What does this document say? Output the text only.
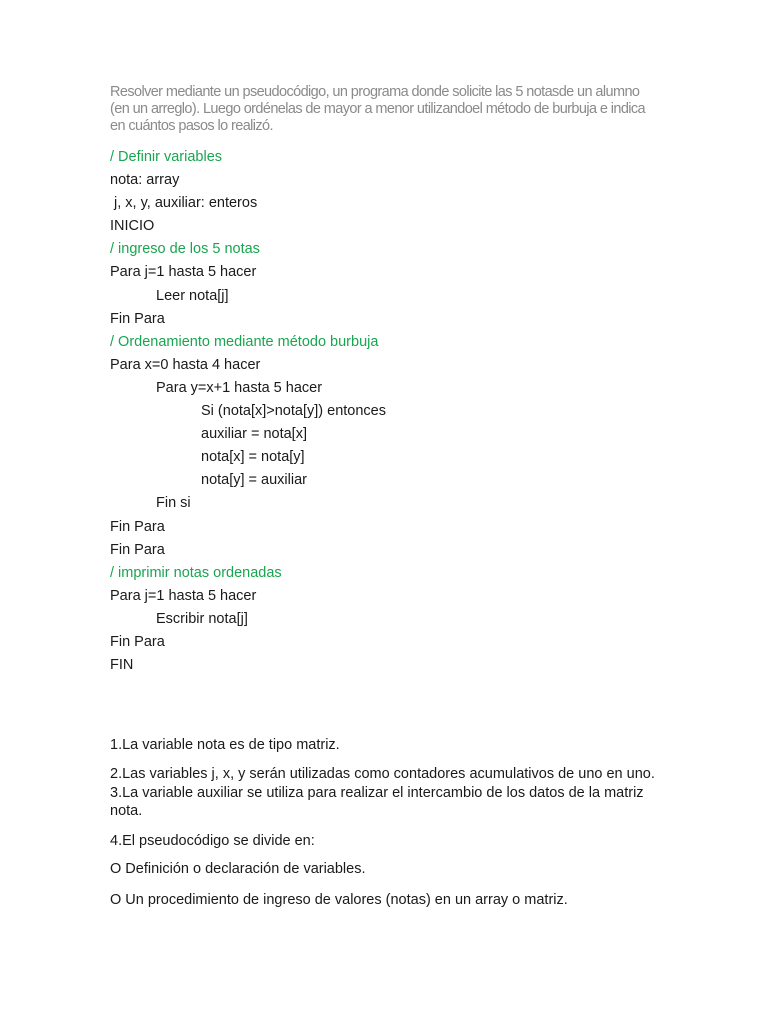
Resolver mediante un pseudocódigo, un programa donde solicite las 5 notasde un alumno (en un arreglo). Luego ordénelas de mayor a menor utilizandoel método de burbuja e indica en cuántos pasos lo realizó.
/ Definir variables
nota: array
j, x, y, auxiliar: enteros
INICIO
/ ingreso de los 5 notas
Para j=1 hasta 5 hacer
Leer nota[j]
Fin Para
/ Ordenamiento mediante método burbuja
Para x=0 hasta 4 hacer
Para y=x+1 hasta 5 hacer
Si (nota[x]>nota[y]) entonces
auxiliar = nota[x]
nota[x] = nota[y]
nota[y] = auxiliar
Fin si
Fin Para
Fin Para
/ imprimir notas ordenadas
Para j=1 hasta 5 hacer
Escribir nota[j]
Fin Para
FIN
1.La variable nota es de tipo matriz.
2.Las variables j, x, y serán utilizadas como contadores acumulativos de uno en uno. 3.La variable auxiliar se utiliza para realizar el intercambio de los datos de la matriz nota.
4.El pseudocódigo se divide en:
O Definición o declaración de variables.
O Un procedimiento de ingreso de valores (notas) en un array o matriz.
